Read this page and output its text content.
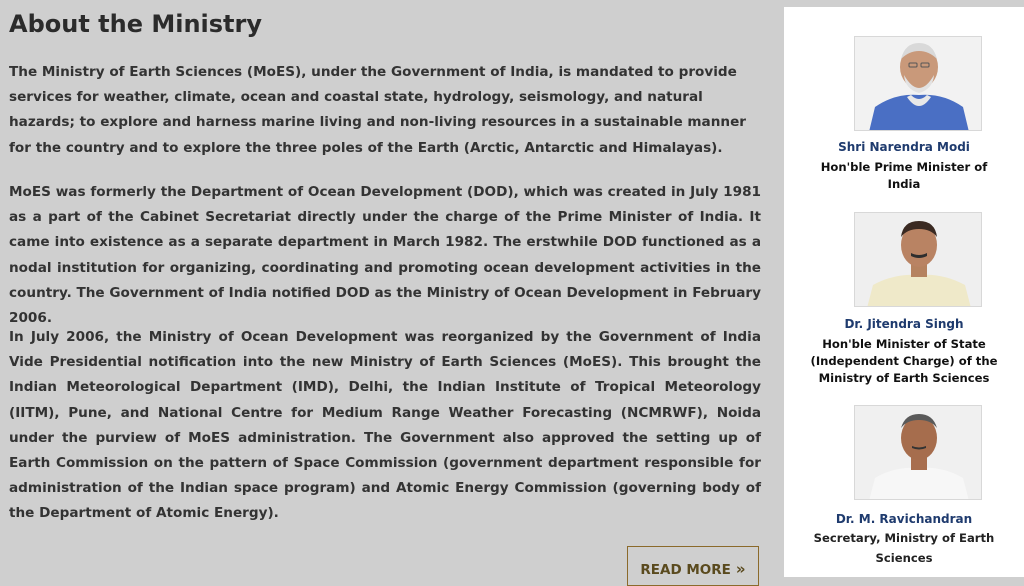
About the Ministry

The Ministry of Earth Sciences (MoES), under the Government of India, is mandated to provide services for weather, climate, ocean and coastal state, hydrology, seismology, and natural hazards; to explore and harness marine living and non-living resources in a sustainable manner for the country and to explore the three poles of the Earth (Arctic, Antarctic and Himalayas).

MoES was formerly the Department of Ocean Development (DOD), which was created in July 1981 as a part of the Cabinet Secretariat directly under the charge of the Prime Minister of India. It came into existence as a separate department in March 1982. The erstwhile DOD functioned as a nodal institution for organizing, coordinating and promoting ocean development activities in the country. The Government of India notified DOD as the Ministry of Ocean Development in February 2006.

In July 2006, the Ministry of Ocean Development was reorganized by the Government of India Vide Presidential notification into the new Ministry of Earth Sciences (MoES). This brought the Indian Meteorological Department (IMD), Delhi, the Indian Institute of Tropical Meteorology (IITM), Pune, and National Centre for Medium Range Weather Forecasting (NCMRWF), Noida under the purview of MoES administration. The Government also approved the setting up of Earth Commission on the pattern of Space Commission (government department responsible for administration of the Indian space program) and Atomic Energy Commission (governing body of the Department of Atomic Energy).

READ MORE »
Shri Narendra Modi
Hon'ble Prime Minister of India
Dr. Jitendra Singh
Hon'ble Minister of State (Independent Charge) of the Ministry of Earth Sciences
Dr. M. Ravichandran
Secretary, Ministry of Earth Sciences
